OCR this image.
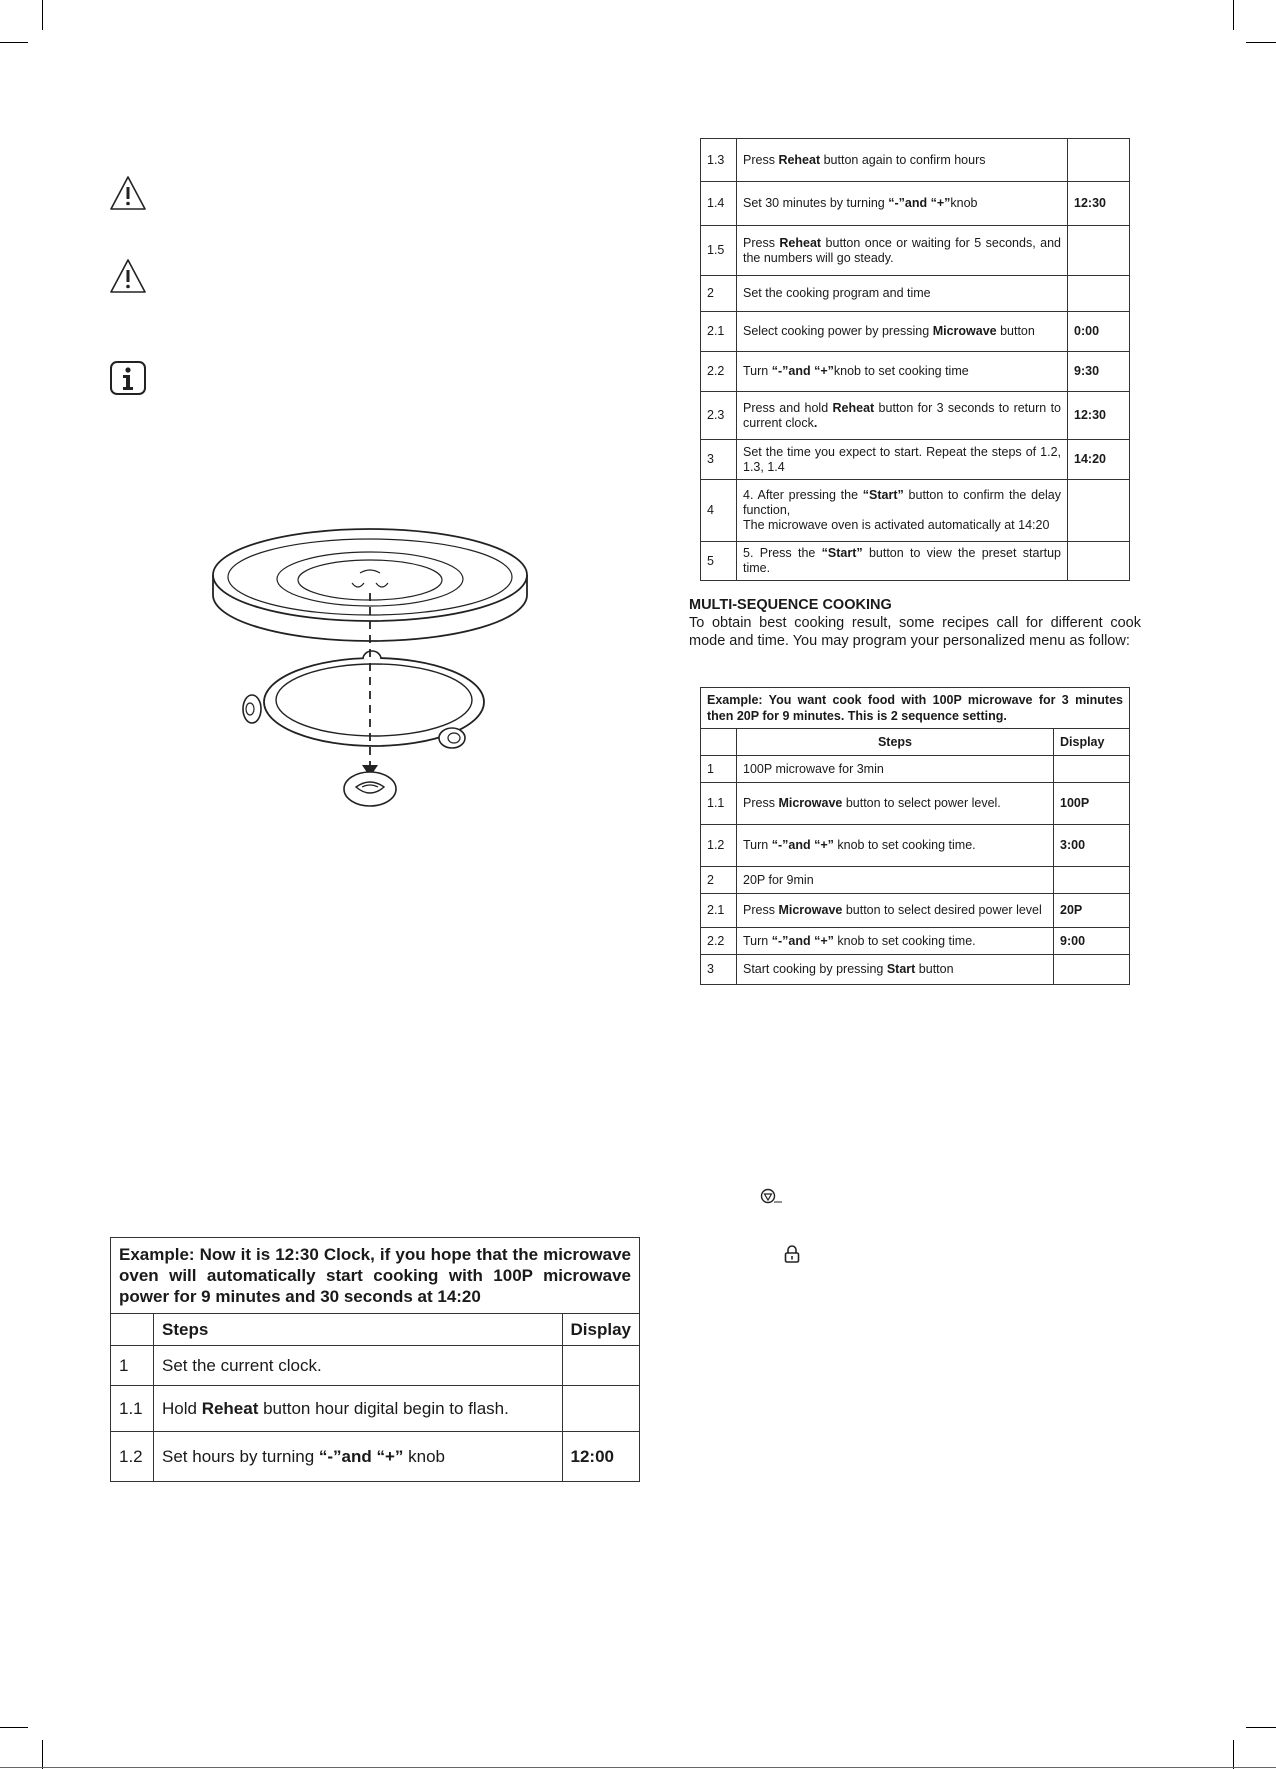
1.3	Press Reheat button again to confirm hours	
1.4	Set 30 minutes by turning “-”and “+”knob	12:30
1.5	Press Reheat button once or waiting for 5 seconds, and the numbers will go steady.	
2	Set the cooking program and time	
2.1	Select cooking power by pressing Microwave button	0:00
2.2	Turn “-”and “+”knob to set cooking time	9:30
2.3	Press and hold Reheat button for 3 seconds to return to current clock.	12:30
3	Set the time you expect to start. Repeat the steps of 1.2, 1.3, 1.4	14:20
4	4. After pressing the “Start” button to confirm the delay function,
The microwave oven is activated automatically at 14:20	
5	5. Press the “Start” button to view the preset startup time.	
MULTI-SEQUENCE COOKING
To obtain best cooking result, some recipes call for different cook mode and time. You may program your personalized menu as follow:
Example: You want cook food with 100P microwave for 3 minutes then 20P for 9 minutes. This is 2 sequence setting.		
	Steps	Display
1	100P microwave for 3min	
1.1	Press Microwave button to select power level.	100P
1.2	Turn “-”and “+” knob to set cooking time.	3:00
2	20P for 9min	
2.1	Press Microwave button to select desired power level	20P
2.2	Turn “-”and “+” knob to set cooking time.	9:00
3	Start cooking by pressing Start button	
Example: Now it is 12:30 Clock, if you hope that the microwave oven will automatically start cooking with 100P microwave power for 9 minutes and 30 seconds at 14:20		
	Steps	Display
1	Set the current clock.	
1.1	Hold Reheat button hour digital begin to flash.	
1.2	Set hours by turning “-”and “+” knob	12:00
